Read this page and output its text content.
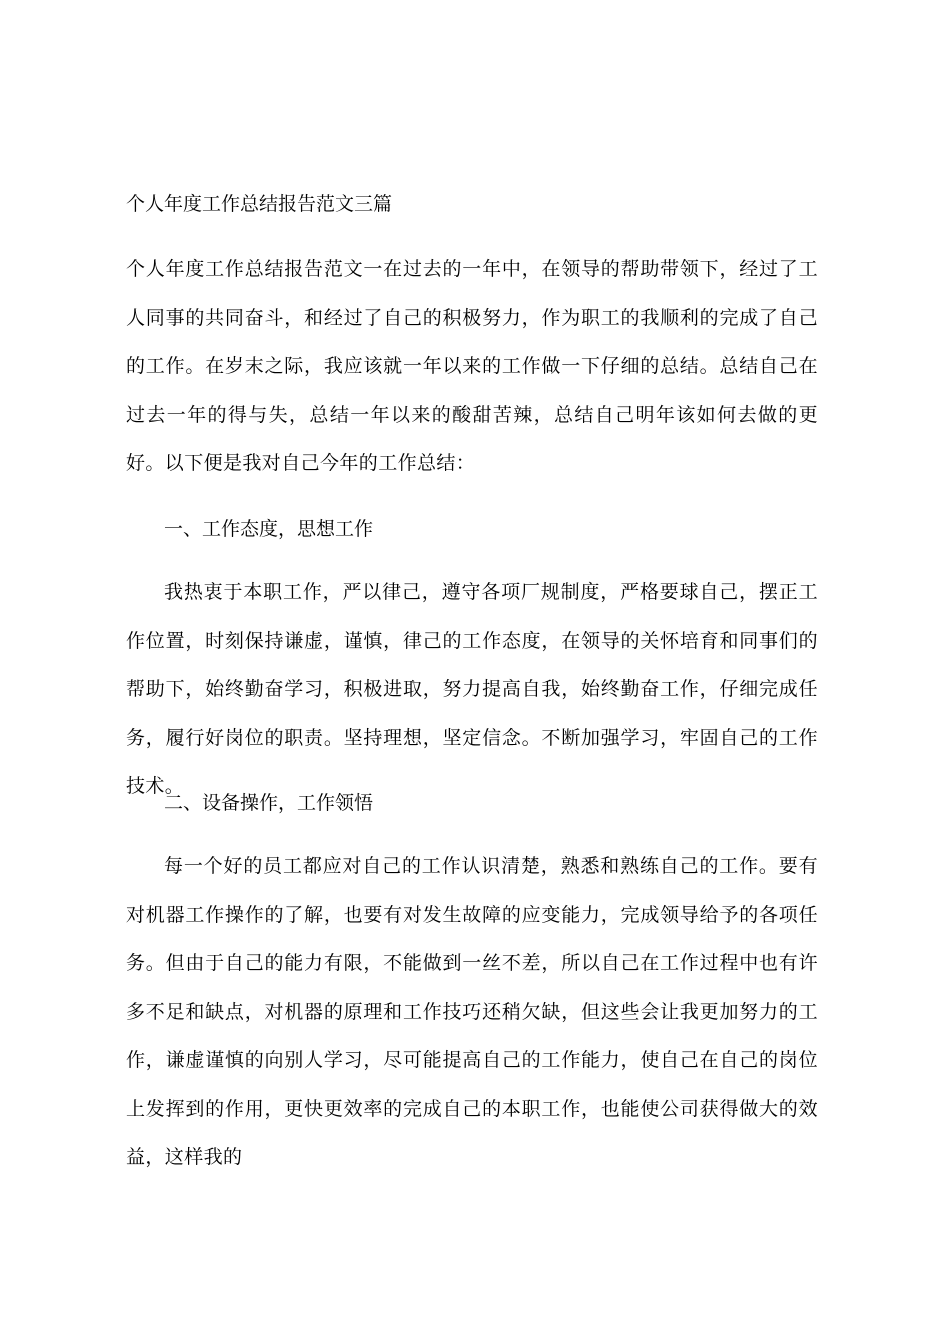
个人年度工作总结报告范文三篇

个人年度工作总结报告范文一在过去的一年中，在领导的帮助带领下，经过了工人同事的共同奋斗，和经过了自己的积极努力，作为职工的我顺利的完成了自己的工作。在岁末之际，我应该就一年以来的工作做一下仔细的总结。总结自己在过去一年的得与失，总结一年以来的酸甜苦辣，总结自己明年该如何去做的更好。以下便是我对自己今年的工作总结：

一、工作态度，思想工作

我热衷于本职工作，严以律己，遵守各项厂规制度，严格要球自己，摆正工作位置，时刻保持谦虚，谨慎，律己的工作态度，在领导的关怀培育和同事们的帮助下，始终勤奋学习，积极进取，努力提高自我，始终勤奋工作，仔细完成任务，履行好岗位的职责。坚持理想，坚定信念。不断加强学习，牢固自己的工作技术。

二、设备操作，工作领悟

每一个好的员工都应对自己的工作认识清楚，熟悉和熟练自己的工作。要有对机器工作操作的了解，也要有对发生故障的应变能力，完成领导给予的各项任务。但由于自己的能力有限，不能做到一丝不差，所以自己在工作过程中也有许多不足和缺点，对机器的原理和工作技巧还稍欠缺，但这些会让我更加努力的工作，谦虚谨慎的向别人学习，尽可能提高自己的工作能力，使自己在自己的岗位上发挥到的作用，更快更效率的完成自己的本职工作，也能使公司获得做大的效益，这样我的
